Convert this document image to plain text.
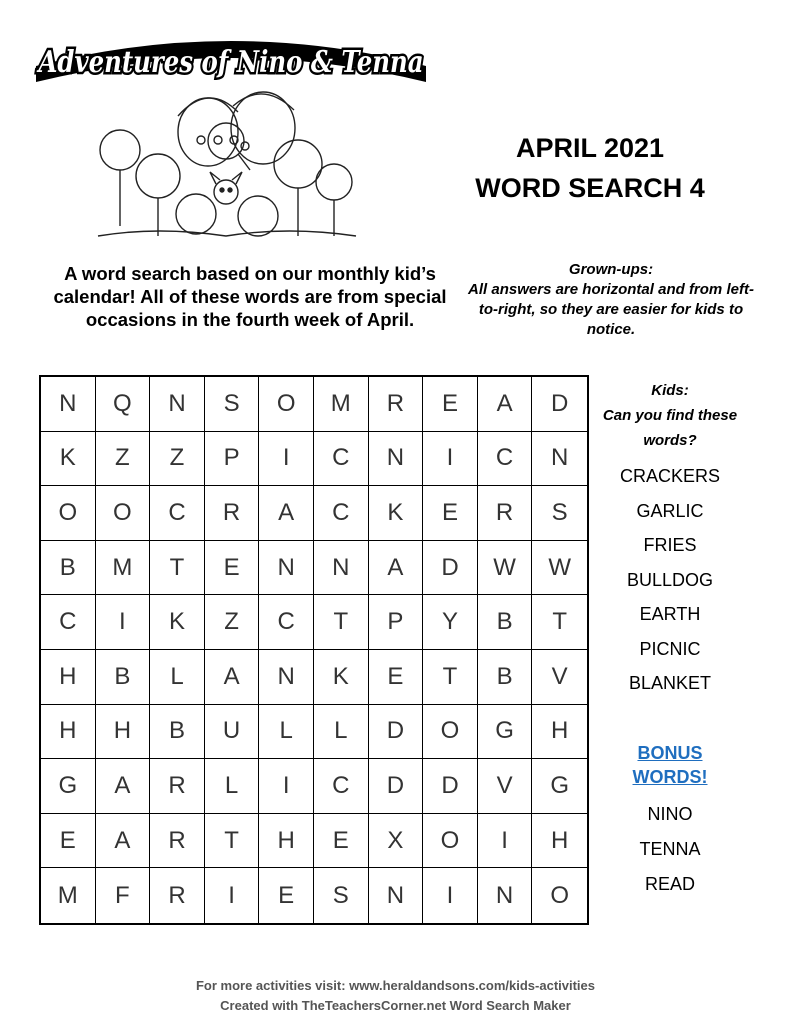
Adventures of Nino & Tenna
APRIL 2021
WORD SEARCH 4
A word search based on our monthly kid’s calendar! All of these words are from special occasions in the fourth week of April.
Grown-ups:
All answers are horizontal and from left-to-right, so they are easier for kids to notice.
N	Q	N	S	O	M	R	E	A	D
K	Z	Z	P	I	C	N	I	C	N
O	O	C	R	A	C	K	E	R	S
B	M	T	E	N	N	A	D	W	W
C	I	K	Z	C	T	P	Y	B	T
H	B	L	A	N	K	E	T	B	V
H	H	B	U	L	L	D	O	G	H
G	A	R	L	I	C	D	D	V	G
E	A	R	T	H	E	X	O	I	H
M	F	R	I	E	S	N	I	N	O
Kids:
Can you find these words?
CRACKERS
GARLIC
FRIES
BULLDOG
EARTH
PICNIC
BLANKET
BONUS
WORDS!
NINO
TENNA
READ
For more activities visit: www.heraldandsons.com/kids-activities
Created with TheTeachersCorner.net Word Search Maker
